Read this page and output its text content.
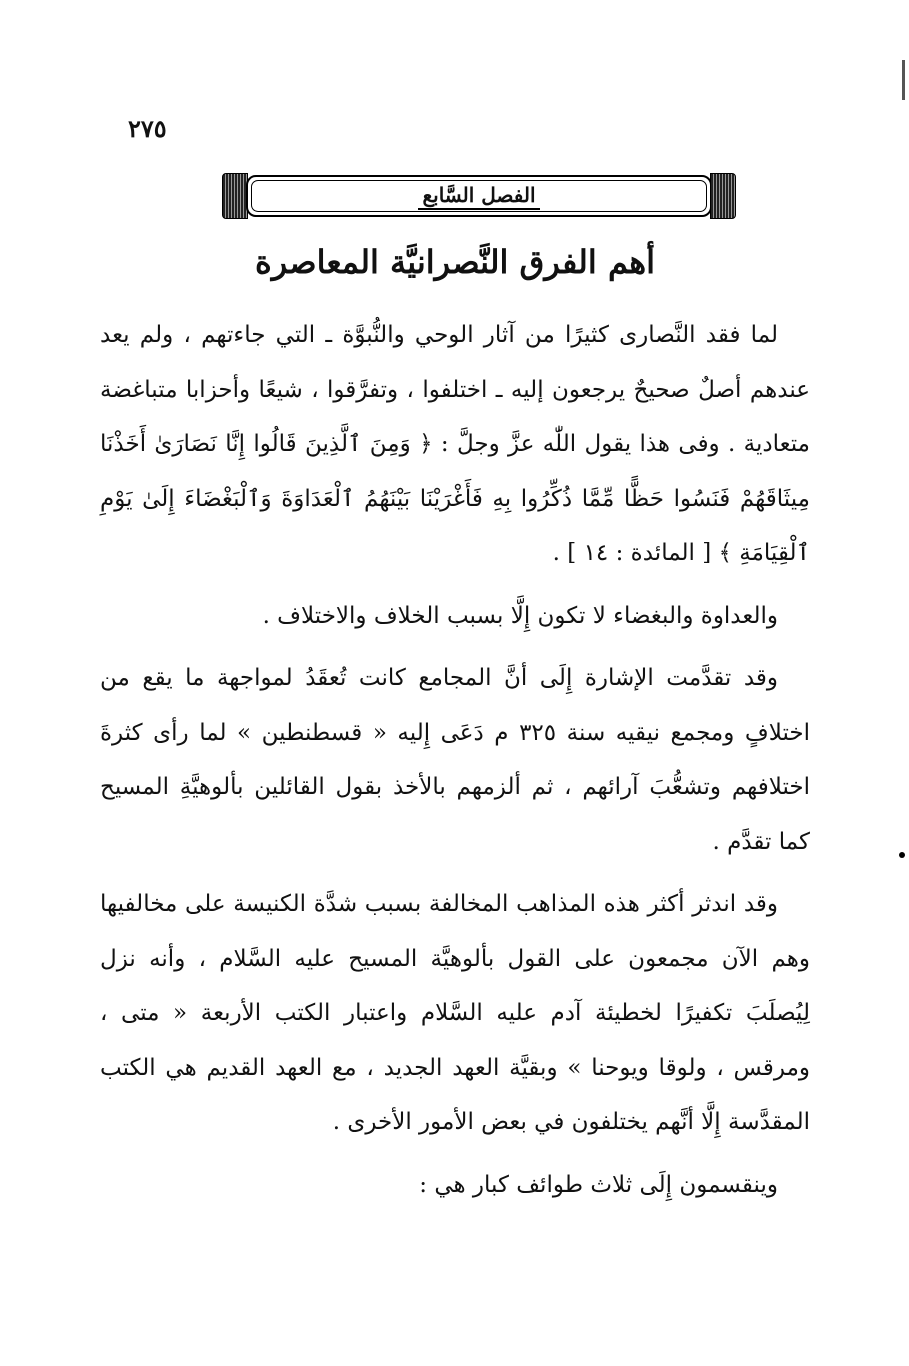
٢٧٥
الفصل السَّابع
أهم الفرق النَّصرانيَّة المعاصرة

لما فقد النَّصارى كثيرًا من آثار الوحي والنُّبوَّة ـ التي جاءتهم ، ولم يعد عندهم أصلٌ صحيحٌ يرجعون إليه ـ اختلفوا ، وتفرَّقوا ، شيعًا وأحزابا متباغضة متعادية . وفى هذا يقول اللّٰه عزَّ وجلَّ : ﴿ وَمِنَ ٱلَّذِينَ قَالُوا إِنَّا نَصَارَىٰ أَخَذْنَا مِيثَاقَهُمْ فَنَسُوا حَظًّا مِّمَّا ذُكِّرُوا بِهِ فَأَغْرَيْنَا بَيْنَهُمُ ٱلْعَدَاوَةَ وَٱلْبَغْضَاءَ إِلَىٰ يَوْمِ ٱلْقِيَامَةِ ﴾ [ المائدة : ١٤ ] .

والعداوة والبغضاء لا تكون إِلَّا بسبب الخلاف والاختلاف .

وقد تقدَّمت الإشارة إِلَى أنَّ المجامع كانت تُعقَدُ لمواجهة ما يقع من اختلافٍ ومجمع نيقيه سنة ٣٢٥ م دَعَى إِليه « قسطنطين » لما رأى كثرةَ اختلافهم وتشعُّبَ آرائهم ، ثم ألزمهم بالأخذ بقول القائلين بألوهيَّةِ المسيح كما تقدَّم .

وقد اندثر أكثر هذه المذاهب المخالفة بسبب شدَّة الكنيسة على مخالفيها وهم الآن مجمعون على القول بألوهيَّة المسيح عليه السَّلام ، وأنه نزل لِيُصلَبَ تكفيرًا لخطيئة آدم عليه السَّلام واعتبار الكتب الأربعة « متى ، ومرقس ، ولوقا ويوحنا » وبقيَّة العهد الجديد ، مع العهد القديم هي الكتب المقدَّسة إِلَّا أنَّهم يختلفون في بعض الأمور الأخرى .

وينقسمون إِلَى ثلاث طوائف كبار هي :
